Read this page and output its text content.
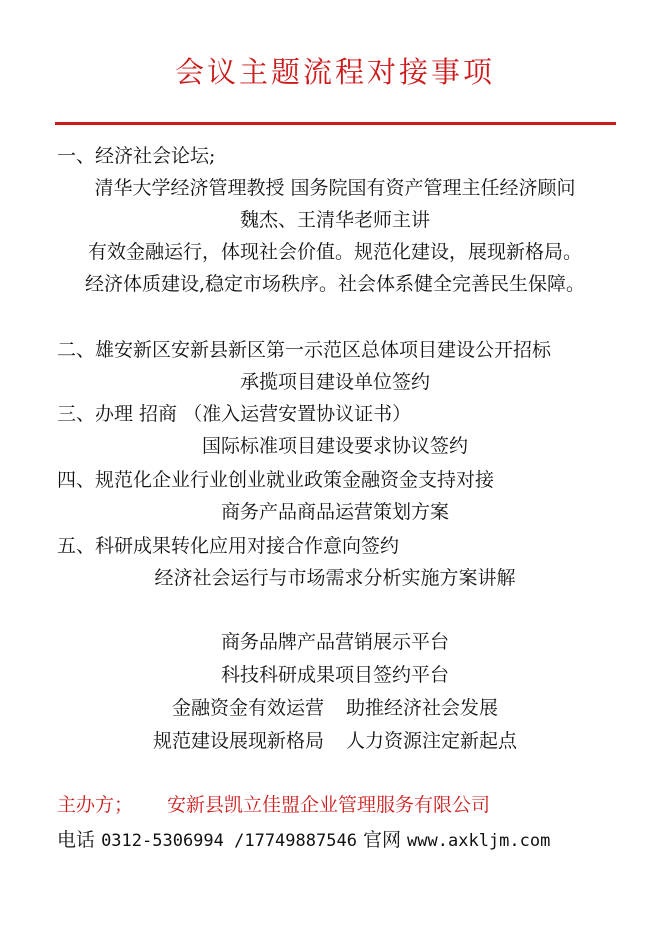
会议主题流程对接事项
一、经济社会论坛;
清华大学经济管理教授 国务院国有资产管理主任经济顾问
魏杰、王清华老师主讲
有效金融运行，体现社会价值。规范化建设，展现新格局。
经济体质建设,稳定市场秩序。社会体系健全完善民生保障。
二、雄安新区安新县新区第一示范区总体项目建设公开招标
承揽项目建设单位签约
三、办理 招商 （准入运营安置协议证书）
国际标准项目建设要求协议签约
四、规范化企业行业创业就业政策金融资金支持对接
商务产品商品运营策划方案
五、科研成果转化应用对接合作意向签约
经济社会运行与市场需求分析实施方案讲解
商务品牌产品营销展示平台
科技科研成果项目签约平台
金融资金有效运营 助推经济社会发展
规范建设展现新格局 人力资源注定新起点
主办方； 安新县凯立佳盟企业管理服务有限公司
电话 0312-5306994 /17749887546 官网 www.axkljm.com
